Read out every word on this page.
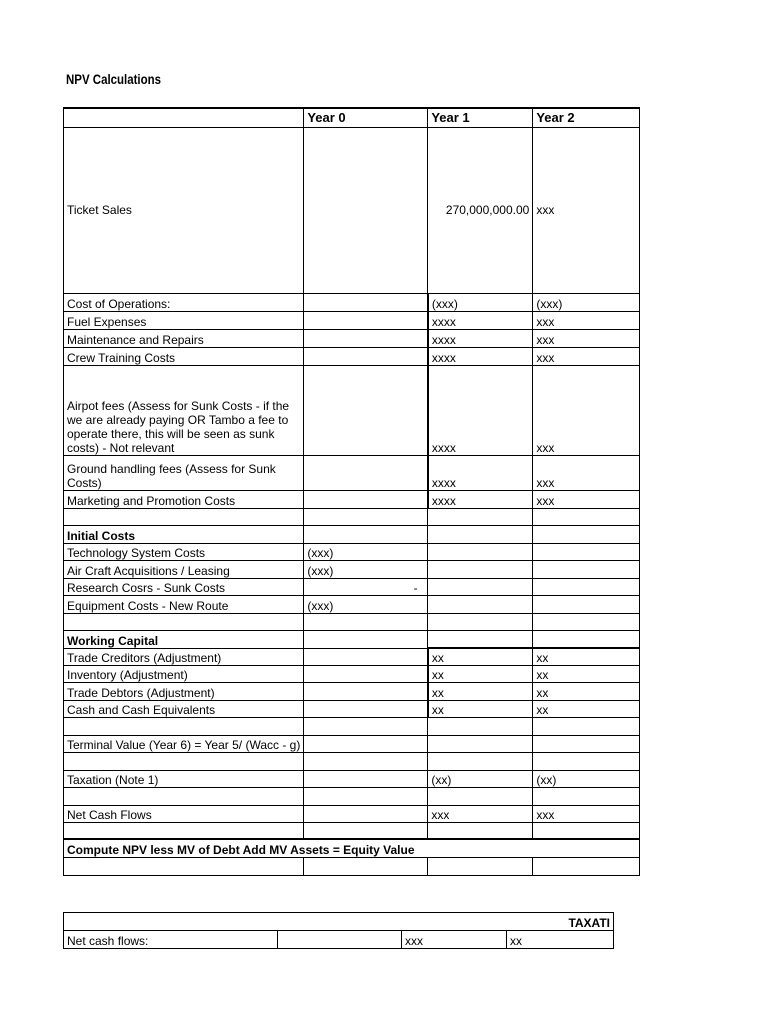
NPV Calculations
	Year 0	Year 1	Year 2
Ticket Sales		270,000,000.00	xxx
Cost of Operations:		(xxx)	(xxx)
Fuel Expenses		xxxx	xxx
Maintenance and Repairs		xxxx	xxx
Crew Training Costs		xxxx	xxx
Airpot fees (Assess for Sunk Costs - if the we are already paying OR Tambo a fee to operate there, this will be seen as sunk costs) - Not relevant		xxxx	xxx
Ground handling fees (Assess for Sunk Costs)		xxxx	xxx
Marketing and Promotion Costs		xxxx	xxx

Initial Costs			
Technology System Costs	(xxx)		
Air Craft Acquisitions / Leasing	(xxx)		
Research Cosrs - Sunk Costs	-		
Equipment Costs - New Route	(xxx)		

Working Capital			
Trade Creditors (Adjustment)		xx	xx
Inventory (Adjustment)		xx	xx
Trade Debtors (Adjustment)		xx	xx
Cash and Cash Equivalents		xx	xx

Terminal Value (Year 6) = Year 5/ (Wacc - g)			

Taxation (Note 1)		(xx)	(xx)

Net Cash Flows		xxx	xxx

Compute NPV less MV of Debt Add MV Assets = Equity Value			

TAXATI
Net cash flows:		xxx	xx
